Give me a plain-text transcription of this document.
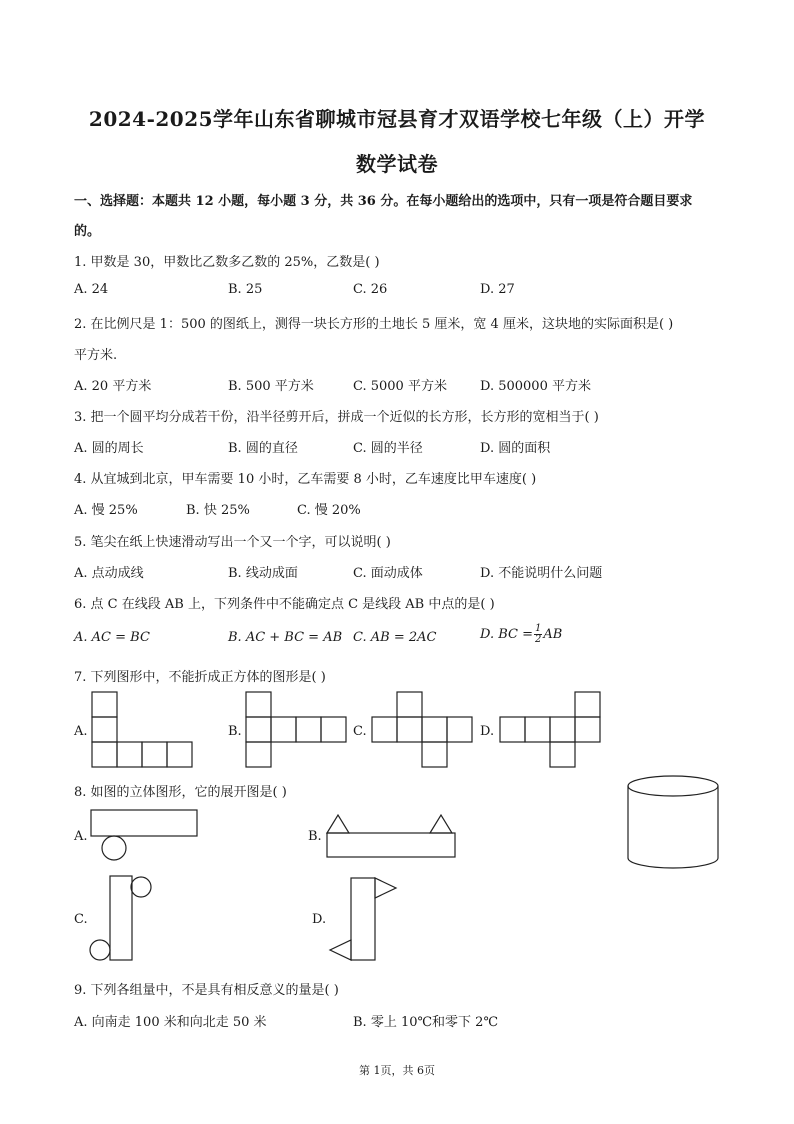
2024-2025学年山东省聊城市冠县育才双语学校七年级（上）开学
数学试卷
一、选择题：本题共 12 小题，每小题 3 分，共 36 分。在每小题给出的选项中，只有一项是符合题目要求
的。
1. 甲数是 30，甲数比乙数多乙数的 25%，乙数是( )
A. 24	B. 25	C. 26	D. 27
2. 在比例尺是 1：500 的图纸上，测得一块长方形的土地长 5 厘米，宽 4 厘米，这块地的实际面积是( )
平方米.
A. 20 平方米	B. 500 平方米	C. 5000 平方米	D. 500000 平方米
3. 把一个圆平均分成若干份，沿半径剪开后，拼成一个近似的长方形，长方形的宽相当于( )
A. 圆的周长	B. 圆的直径	C. 圆的半径	D. 圆的面积
4. 从宜城到北京，甲车需要 10 小时，乙车需要 8 小时，乙车速度比甲车速度( )
A. 慢 25%	B. 快 25%	C. 慢 20%
5. 笔尖在纸上快速滑动写出一个又一个字，可以说明( )
A. 点动成线	B. 线动成面	C. 面动成体	D. 不能说明什么问题
6. 点 C 在线段 AB 上，下列条件中不能确定点 C 是线段 AB 中点的是( )
A. AC = BC	B. AC + BC = AB C. AB = 2AC	D. BC = $\frac{1}{2}$ AB
7. 下列图形中，不能折成正方体的图形是( )
A.	B.	C.	D.
8. 如图的立体图形，它的展开图是( )
A.	B.
C.	D.
9. 下列各组量中，不是具有相反意义的量是( )
A. 向南走 100 米和向北走 50 米	B. 零上 10℃和零下 2℃
第 1页，共 6页
